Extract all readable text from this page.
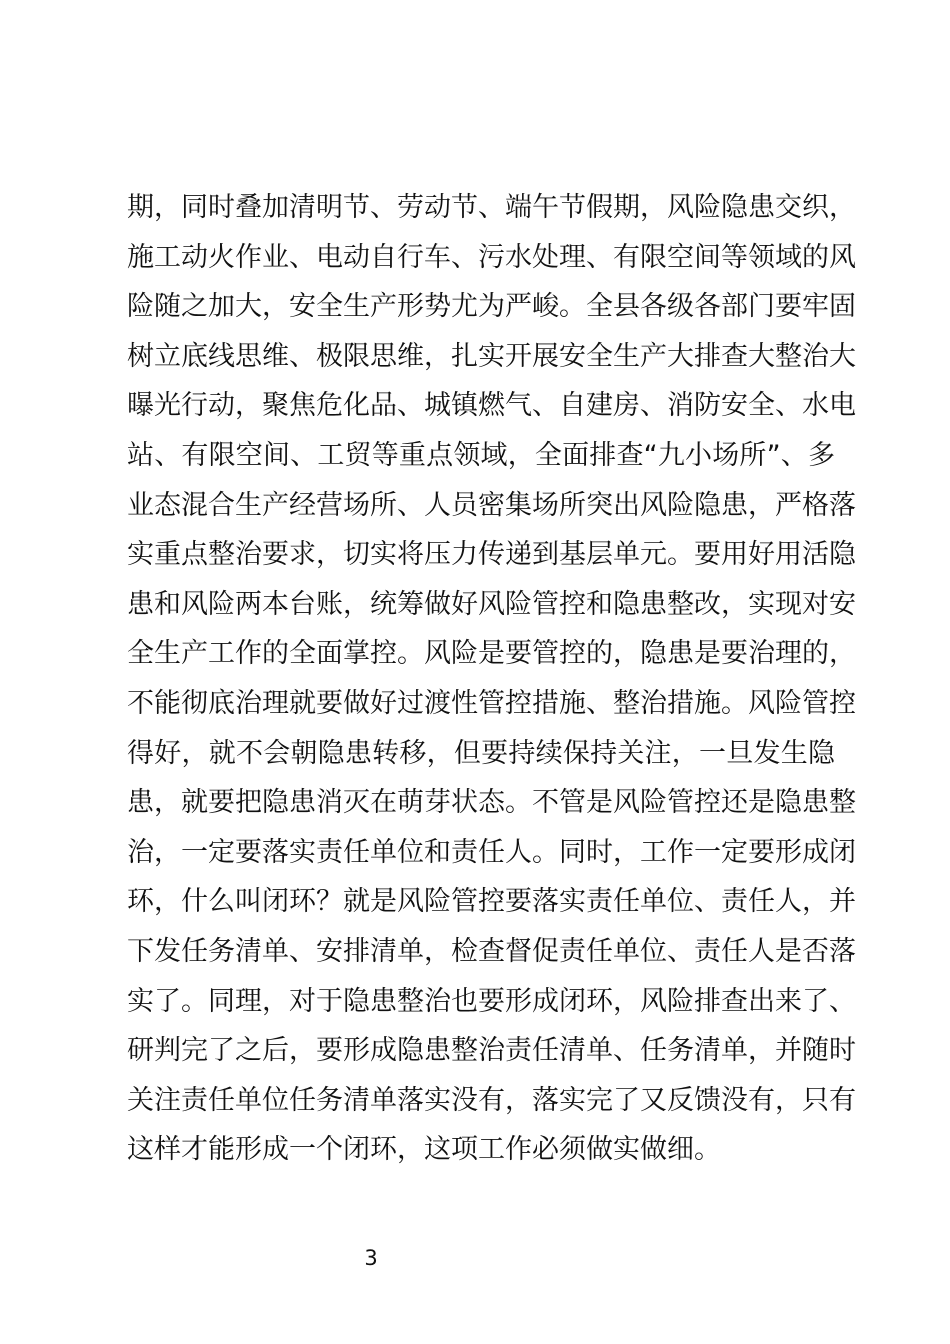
期，同时叠加清明节、劳动节、端午节假期，风险隐患交织，
施工动火作业、电动自行车、污水处理、有限空间等领域的风
险随之加大，安全生产形势尤为严峻。全县各级各部门要牢固
树立底线思维、极限思维，扎实开展安全生产大排查大整治大
曝光行动，聚焦危化品、城镇燃气、自建房、消防安全、水电
站、有限空间、工贸等重点领域，全面排查“九小场所”、多
业态混合生产经营场所、人员密集场所突出风险隐患，严格落
实重点整治要求，切实将压力传递到基层单元。要用好用活隐
患和风险两本台账，统筹做好风险管控和隐患整改，实现对安
全生产工作的全面掌控。风险是要管控的，隐患是要治理的，
不能彻底治理就要做好过渡性管控措施、整治措施。风险管控
得好，就不会朝隐患转移，但要持续保持关注，一旦发生隐
患，就要把隐患消灭在萌芽状态。不管是风险管控还是隐患整
治，一定要落实责任单位和责任人。同时，工作一定要形成闭
环，什么叫闭环？就是风险管控要落实责任单位、责任人，并
下发任务清单、安排清单，检查督促责任单位、责任人是否落
实了。同理，对于隐患整治也要形成闭环，风险排查出来了、
研判完了之后，要形成隐患整治责任清单、任务清单，并随时
关注责任单位任务清单落实没有，落实完了又反馈没有，只有
这样才能形成一个闭环，这项工作必须做实做细。
3
